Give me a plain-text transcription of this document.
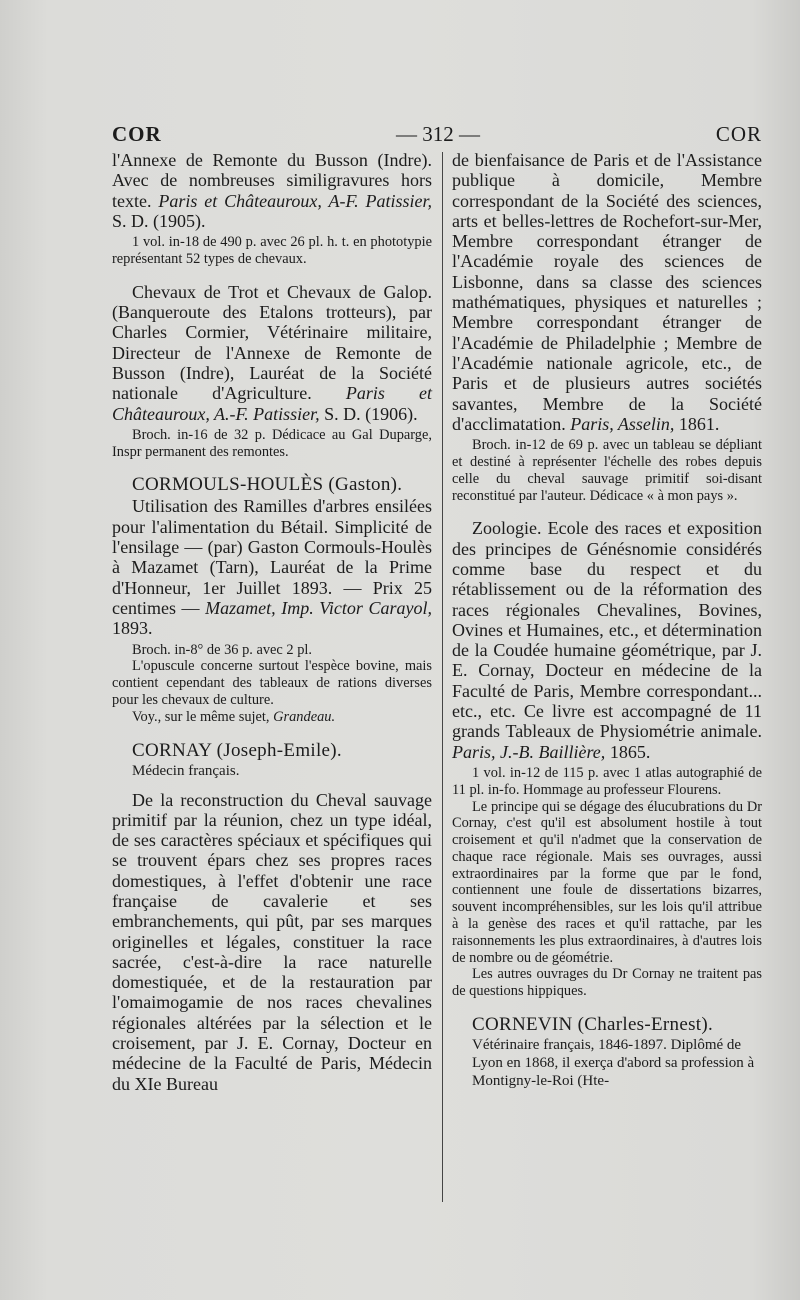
COR	— 312 —	COR

l'Annexe de Remonte du Busson (Indre). Avec de nombreuses similigravures hors texte. Paris et Châteauroux, A-F. Patissier, S. D. (1905).

1 vol. in-18 de 490 p. avec 26 pl. h. t. en phototypie représentant 52 types de chevaux.

Chevaux de Trot et Chevaux de Galop. (Banqueroute des Etalons trotteurs), par Charles Cormier, Vétérinaire militaire, Directeur de l'Annexe de Remonte de Busson (Indre), Lauréat de la Société nationale d'Agriculture. Paris et Châteauroux, A.-F. Patissier, S. D. (1906).

Broch. in-16 de 32 p. Dédicace au Gal Duparge, Inspr permanent des remontes.

CORMOULS-HOULÈS (Gaston).

Utilisation des Ramilles d'arbres ensilées pour l'alimentation du Bétail. Simplicité de l'ensilage — (par) Gaston Cormouls-Houlès à Mazamet (Tarn), Lauréat de la Prime d'Honneur, 1er Juillet 1893. — Prix 25 centimes — Mazamet, Imp. Victor Carayol, 1893.

Broch. in-8° de 36 p. avec 2 pl.

L'opuscule concerne surtout l'espèce bovine, mais contient cependant des tableaux de rations diverses pour les chevaux de culture.

Voy., sur le même sujet, Grandeau.

CORNAY (Joseph-Emile).

Médecin français.

De la reconstruction du Cheval sauvage primitif par la réunion, chez un type idéal, de ses caractères spéciaux et spécifiques qui se trouvent épars chez ses propres races domestiques, à l'effet d'obtenir une race française de cavalerie et ses embranchements, qui pût, par ses marques originelles et légales, constituer la race sacrée, c'est-à-dire la race naturelle domestiquée, et de la restauration par l'omaimogamie de nos races chevalines régionales altérées par la sélection et le croisement, par J. E. Cornay, Docteur en médecine de la Faculté de Paris, Médecin du XIe Bureau

de bienfaisance de Paris et de l'Assistance publique à domicile, Membre correspondant de la Société des sciences, arts et belles-lettres de Rochefort-sur-Mer, Membre correspondant étranger de l'Académie royale des sciences de Lisbonne, dans sa classe des sciences mathématiques, physiques et naturelles ; Membre correspondant étranger de l'Académie de Philadelphie ; Membre de l'Académie nationale agricole, etc., de Paris et de plusieurs autres sociétés savantes, Membre de la Société d'acclimatation. Paris, Asselin, 1861.

Broch. in-12 de 69 p. avec un tableau se dépliant et destiné à représenter l'échelle des robes depuis celle du cheval sauvage primitif soi-disant reconstitué par l'auteur. Dédicace « à mon pays ».

Zoologie. Ecole des races et exposition des principes de Génésnomie considérés comme base du respect et du rétablissement ou de la réformation des races régionales Chevalines, Bovines, Ovines et Humaines, etc., et détermination de la Coudée humaine géométrique, par J. E. Cornay, Docteur en médecine de la Faculté de Paris, Membre correspondant... etc., etc. Ce livre est accompagné de 11 grands Tableaux de Physiométrie animale. Paris, J.-B. Baillière, 1865.

1 vol. in-12 de 115 p. avec 1 atlas autographié de 11 pl. in-fo. Hommage au professeur Flourens.

Le principe qui se dégage des élucubrations du Dr Cornay, c'est qu'il est absolument hostile à tout croisement et qu'il n'admet que la conservation de chaque race régionale. Mais ses ouvrages, aussi extraordinaires par la forme que par le fond, contiennent une foule de dissertations bizarres, souvent incompréhensibles, sur les lois qu'il attribue à la genèse des races et qu'il rattache, par les raisonnements les plus extraordinaires, à d'autres lois de nombre ou de géométrie.

Les autres ouvrages du Dr Cornay ne traitent pas de questions hippiques.

CORNEVIN (Charles-Ernest).

Vétérinaire français, 1846-1897. Diplômé de Lyon en 1868, il exerça d'abord sa profession à Montigny-le-Roi (Hte-
